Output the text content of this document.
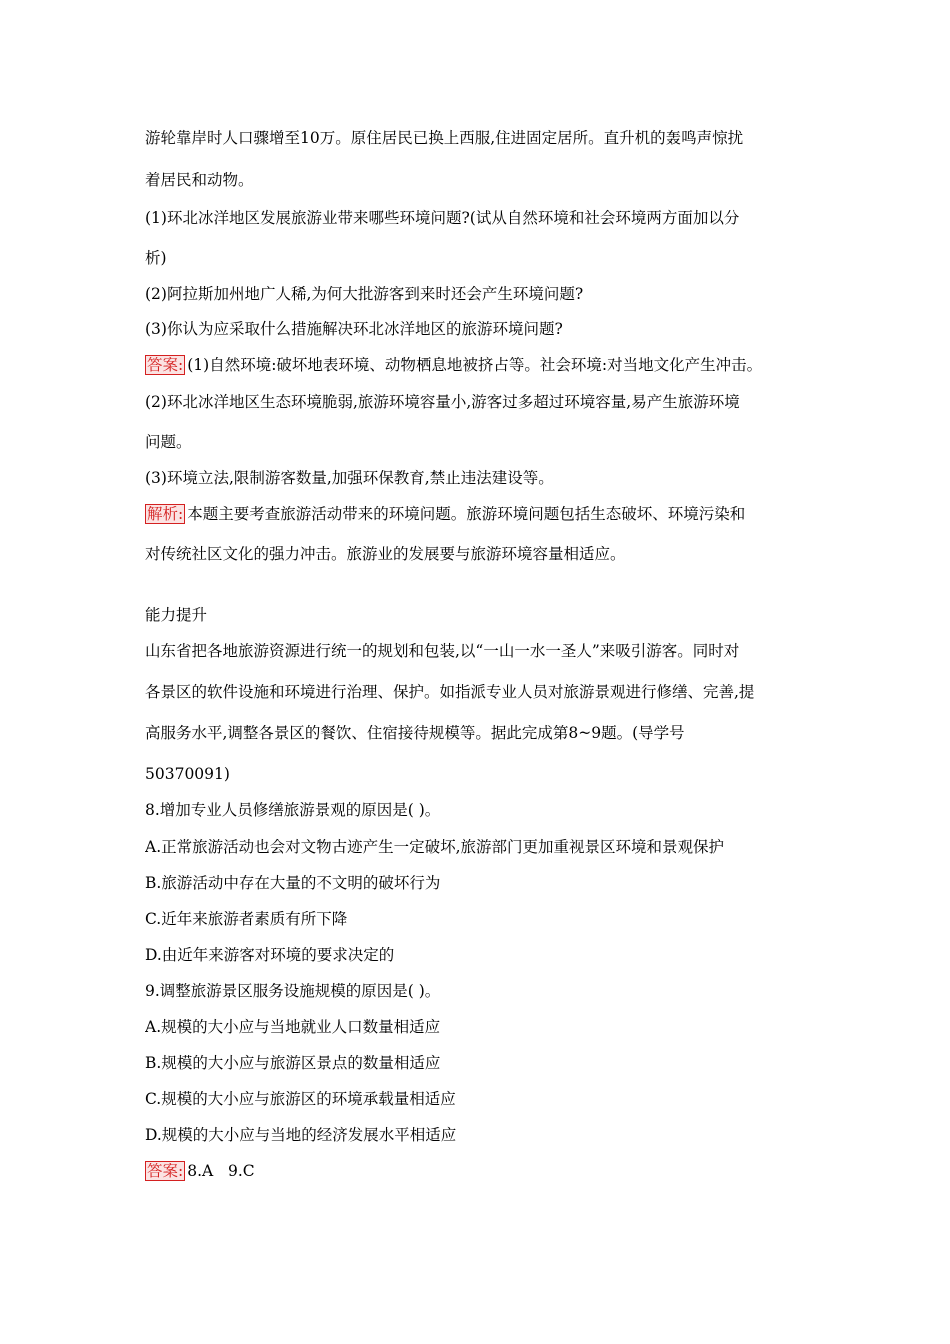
游轮靠岸时人口骤增至10万。原住居民已换上西服,住进固定居所。直升机的轰鸣声惊扰
着居民和动物。
(1)环北冰洋地区发展旅游业带来哪些环境问题?(试从自然环境和社会环境两方面加以分
析)
(2)阿拉斯加州地广人稀,为何大批游客到来时还会产生环境问题?
(3)你认为应采取什么措施解决环北冰洋地区的旅游环境问题?
答案: (1)自然环境:破坏地表环境、动物栖息地被挤占等。社会环境:对当地文化产生冲击。
(2)环北冰洋地区生态环境脆弱,旅游环境容量小,游客过多超过环境容量,易产生旅游环境
问题。
(3)环境立法,限制游客数量,加强环保教育,禁止违法建设等。
解析: 本题主要考查旅游活动带来的环境问题。旅游环境问题包括生态破坏、环境污染和
对传统社区文化的强力冲击。旅游业的发展要与旅游环境容量相适应。
能力提升
山东省把各地旅游资源进行统一的规划和包装,以“一山一水一圣人”来吸引游客。同时对
各景区的软件设施和环境进行治理、保护。如指派专业人员对旅游景观进行修缮、完善,提
高服务水平,调整各景区的餐饮、住宿接待规模等。据此完成第8~9题。(导学号
50370091)
8.增加专业人员修缮旅游景观的原因是( )。
A.正常旅游活动也会对文物古迹产生一定破坏,旅游部门更加重视景区环境和景观保护
B.旅游活动中存在大量的不文明的破坏行为
C.近年来旅游者素质有所下降
D.由近年来游客对环境的要求决定的
9.调整旅游景区服务设施规模的原因是( )。
A.规模的大小应与当地就业人口数量相适应
B.规模的大小应与旅游区景点的数量相适应
C.规模的大小应与旅游区的环境承载量相适应
D.规模的大小应与当地的经济发展水平相适应
答案: 8.A   9.C
